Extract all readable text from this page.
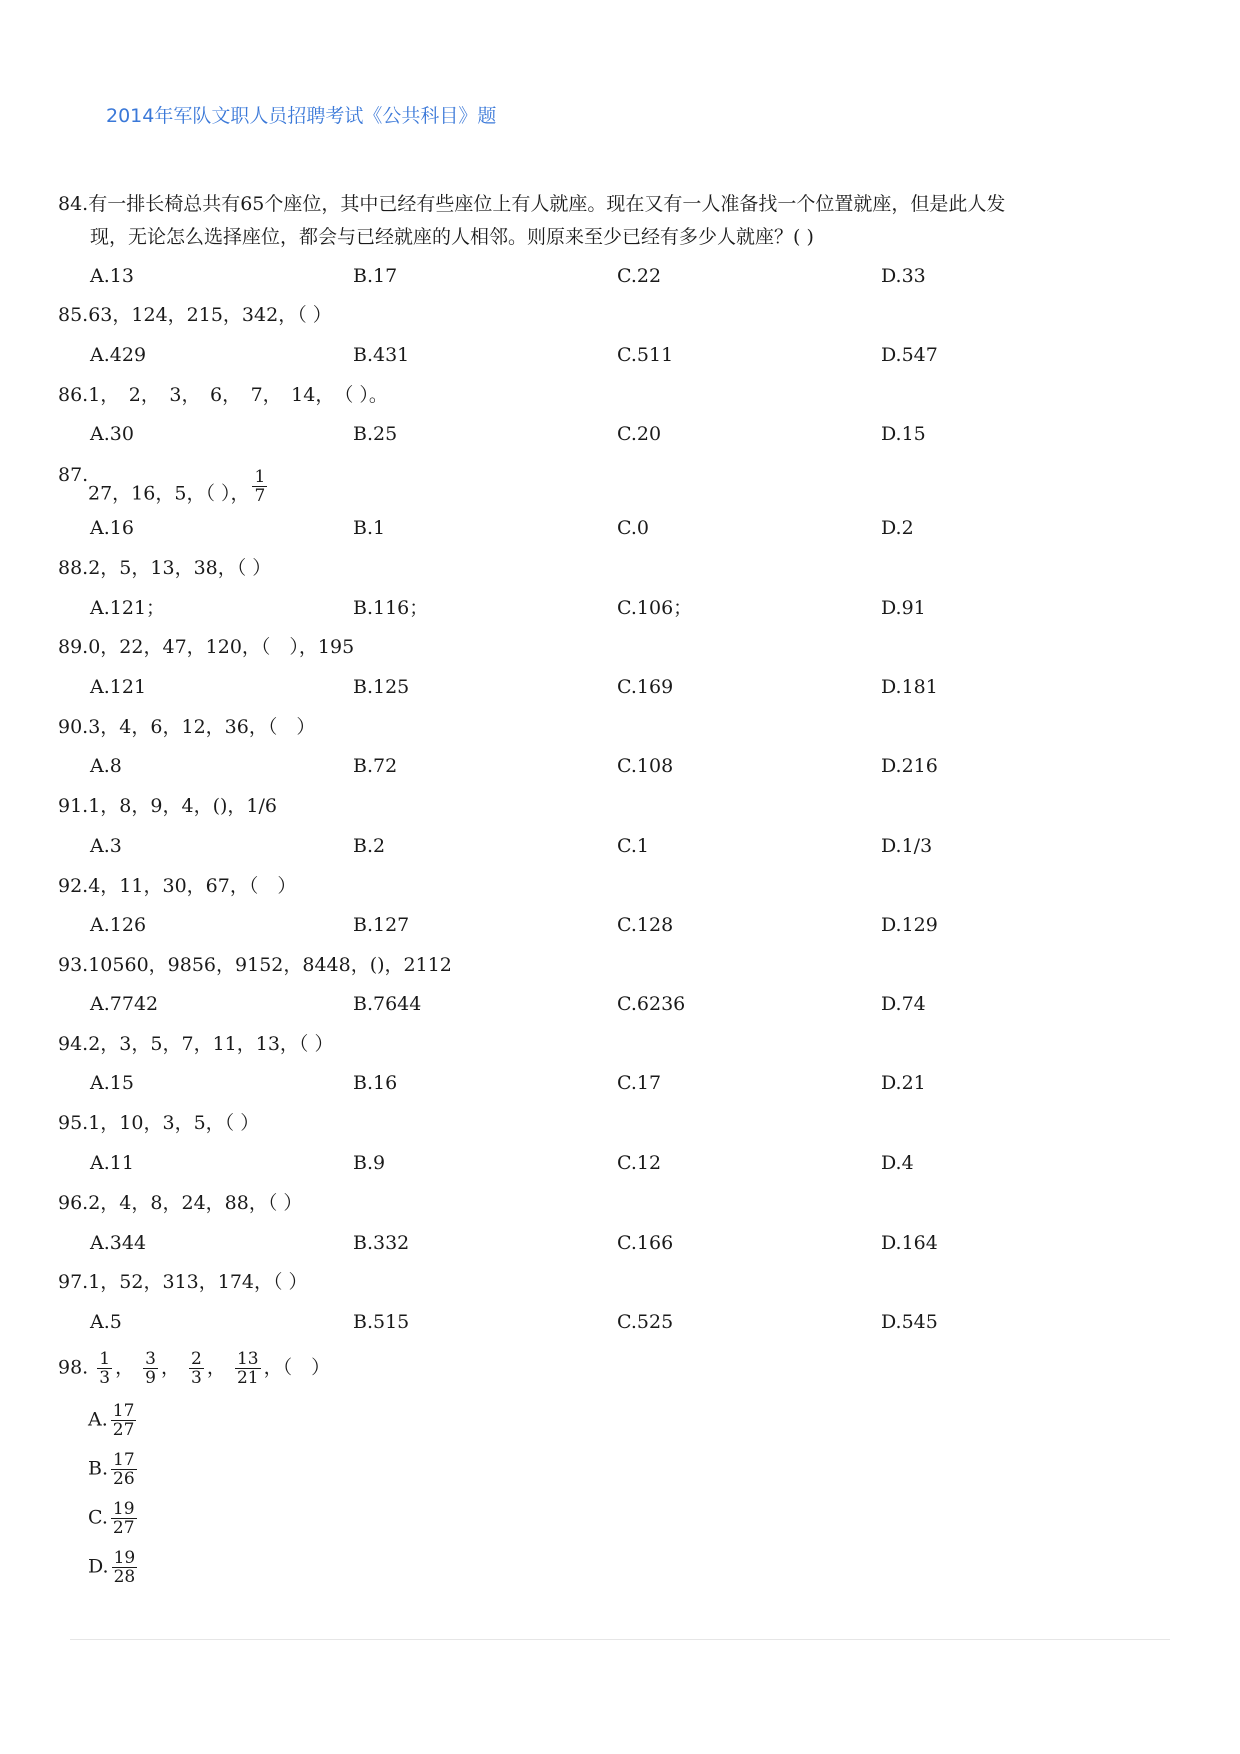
2014年军队文职人员招聘考试《公共科目》题
84.有一排长椅总共有65个座位，其中已经有些座位上有人就座。现在又有一人准备找一个位置就座，但是此人发
现，无论怎么选择座位，都会与已经就座的人相邻。则原来至少已经有多少人就座？( )
A.13	B.17	C.22	D.33
85.63，124，215，342，（ ）
A.429	B.431	C.511	D.547
86.1，　2，　3，　6，　7，　14，　（ ）。
A.30	B.25	C.20	D.15
87.
27，16，5，（ ）， $\frac{1}{7}$
A.16	B.1	C.0	D.2
88.2，5，13，38，（ ）
A.121；	B.116；	C.106；	D.91
89.0，22，47，120，（　），195
A.121	B.125	C.169	D.181
90.3，4，6，12，36，（　）
A.8	B.72	C.108	D.216
91.1，8，9，4，()，1/6
A.3	B.2	C.1	D.1/3
92.4，11，30，67，（　）
A.126	B.127	C.128	D.129
93.10560，9856，9152，8448，()，2112
A.7742	B.7644	C.6236	D.74
94.2，3，5，7，11，13，（ ）
A.15	B.16	C.17	D.21
95.1，10，3，5，（ ）
A.11	B.9	C.12	D.4
96.2，4，8，24，88，（ ）
A.344	B.332	C.166	D.164
97.1，52，313，174，（ ）
A.5	B.515	C.525	D.545
98. $\frac{1}{3}$ ， $\frac{3}{9}$ ， $\frac{2}{3}$ ， $\frac{13}{21}$ ，（　）
A. $\frac{17}{27}$
B. $\frac{17}{26}$
C. $\frac{19}{27}$
D. $\frac{19}{28}$
